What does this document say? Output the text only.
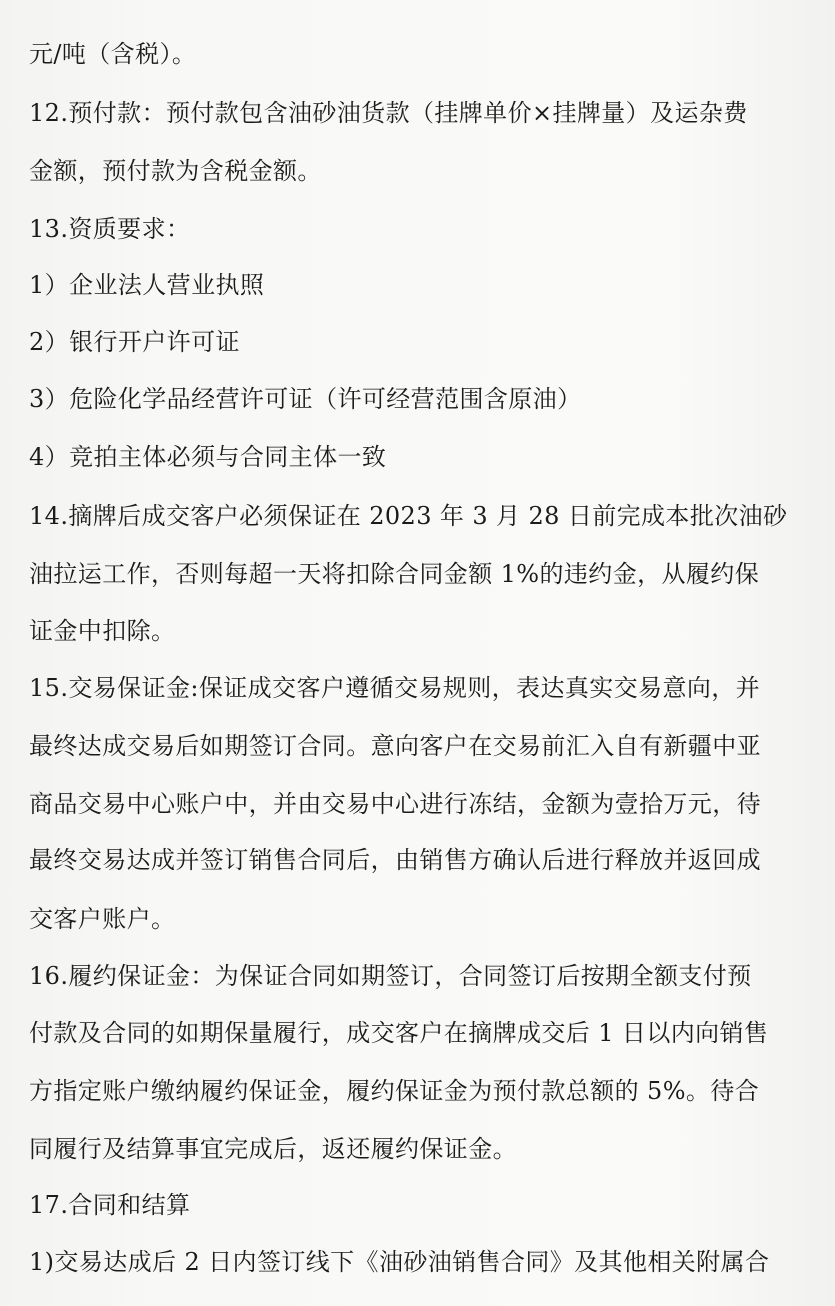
元/吨（含税）。
12.预付款：预付款包含油砂油货款（挂牌单价×挂牌量）及运杂费
金额，预付款为含税金额。
13.资质要求：
1）企业法人营业执照
2）银行开户许可证
3）危险化学品经营许可证（许可经营范围含原油）
4）竞拍主体必须与合同主体一致
14.摘牌后成交客户必须保证在 2023 年 3 月 28 日前完成本批次油砂
油拉运工作，否则每超一天将扣除合同金额 1%的违约金，从履约保
证金中扣除。
15.交易保证金:保证成交客户遵循交易规则，表达真实交易意向，并
最终达成交易后如期签订合同。意向客户在交易前汇入自有新疆中亚
商品交易中心账户中，并由交易中心进行冻结，金额为壹拾万元，待
最终交易达成并签订销售合同后，由销售方确认后进行释放并返回成
交客户账户。
16.履约保证金：为保证合同如期签订，合同签订后按期全额支付预
付款及合同的如期保量履行，成交客户在摘牌成交后 1 日以内向销售
方指定账户缴纳履约保证金，履约保证金为预付款总额的 5%。待合
同履行及结算事宜完成后，返还履约保证金。
17.合同和结算
1)交易达成后 2 日内签订线下《油砂油销售合同》及其他相关附属合
